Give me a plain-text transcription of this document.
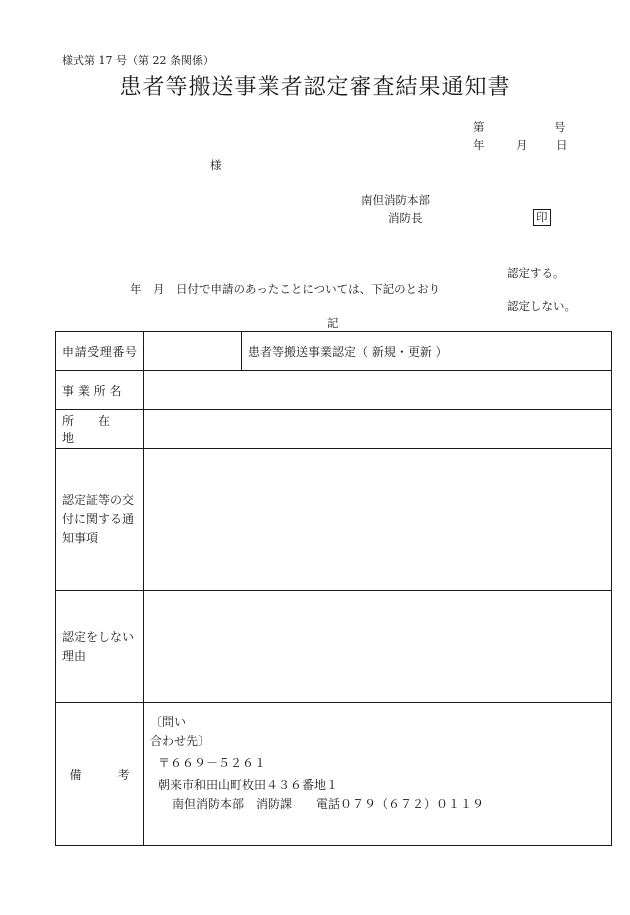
様式第 17 号（第 22 条関係）
患者等搬送事業者認定審査結果通知書
第	号
年	月 日
様
南但消防本部
消防長	印
認定する。
年　月　日付で申請のあったことについては、下記のとおり
認定しない。
記
申請受理番号		患者等搬送事業認定（ 新規・更新 ）
事 業 所 名		
所　　在　　地		
認定証等の交付に関する通知事項		
認定をしない理由		
備　　　考	〔問い
合わせ先〕
〒６６９－５２６１
朝来市和田山町枚田４３６番地１
南但消防本部　消防課　　電話０７９（６７２）０１１９	
